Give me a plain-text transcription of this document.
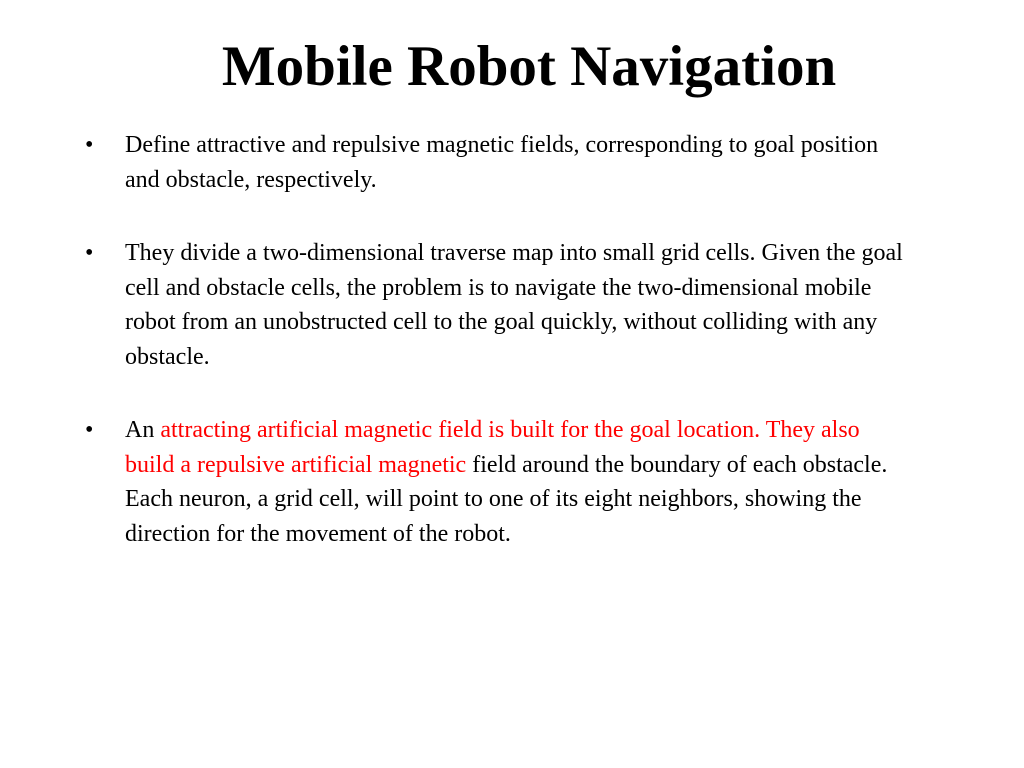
Mobile Robot Navigation
•	Define attractive and repulsive magnetic fields, corresponding to goal position and obstacle, respectively.
•	They divide a two-dimensional traverse map into small grid cells. Given the goal cell and obstacle cells, the problem is to navigate the two-dimensional mobile robot from an unobstructed cell to the goal quickly, without colliding with any obstacle.
•	An attracting artificial magnetic field is built for the goal location. They also build a repulsive artificial magnetic field around the boundary of each obstacle. Each neuron, a grid cell, will point to one of its eight neighbors, showing the direction for the movement of the robot.
